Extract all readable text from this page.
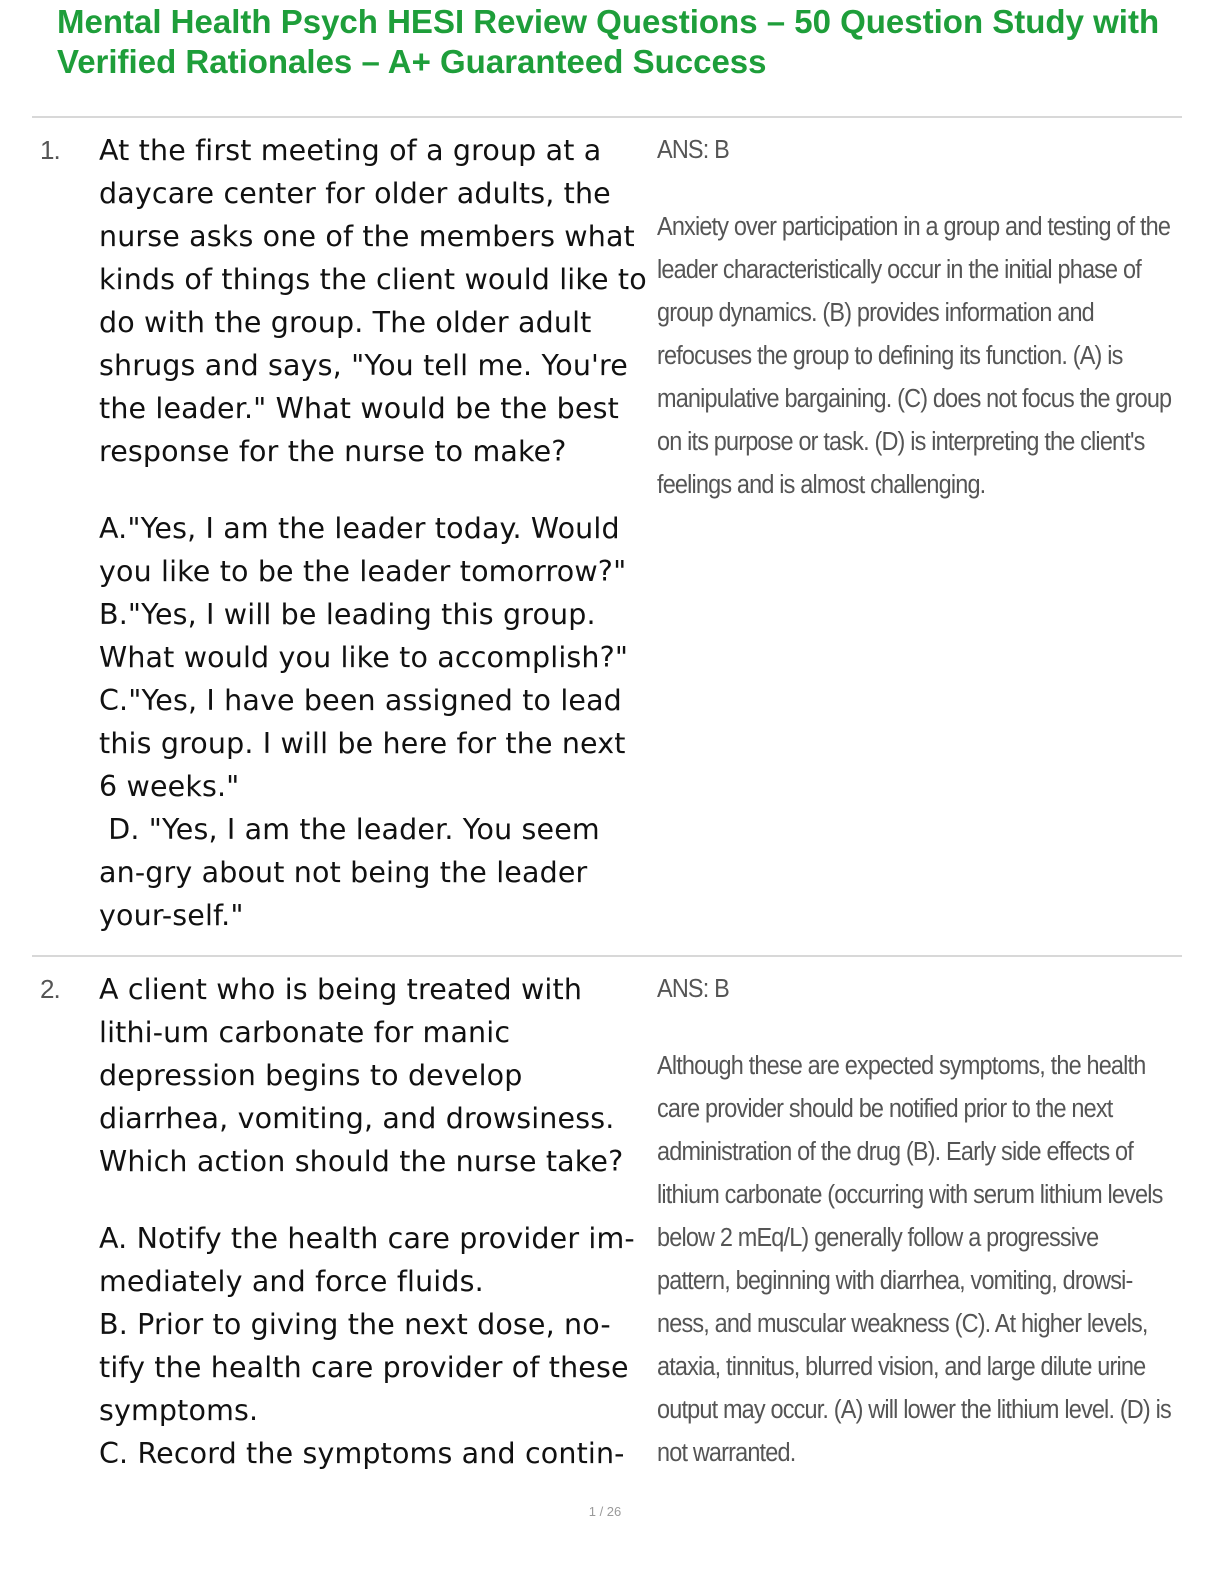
Mental Health Psych HESI Review Questions – 50 Question Study with Verified Rationales – A+ Guaranteed Success
1. At the first meeting of a group at a daycare center for older adults, the nurse asks one of the members what kinds of things the client would like to do with the group. The older adult shrugs and says, "You tell me. You're the leader." What would be the best response for the nurse to make?
A."Yes, I am the leader today. Would you like to be the leader tomorrow?"
B."Yes, I will be leading this group. What would you like to accomplish?"
C."Yes, I have been assigned to lead this group. I will be here for the next 6 weeks."
D. "Yes, I am the leader. You seem an-gry about not being the leader your-self."
ANS: B
Anxiety over participation in a group and testing of the leader characteristically occur in the initial phase of group dynamics. (B) provides information and refocuses the group to defining its function. (A) is manipulative bargaining. (C) does not focus the group on its purpose or task. (D) is interpreting the client's feelings and is almost challenging.
2. A client who is being treated with lithi-um carbonate for manic depression begins to develop diarrhea, vomiting, and drowsiness. Which action should the nurse take?
A. Notify the health care provider im-mediately and force fluids.
B. Prior to giving the next dose, no-tify the health care provider of these symptoms.
C. Record the symptoms and contin-
ANS: B
Although these are expected symptoms, the health care provider should be notified prior to the next administration of the drug (B). Early side effects of lithium carbonate (occurring with serum lithium levels below 2 mEq/L) generally follow a progressive pattern, beginning with diarrhea, vomiting, drowsi-ness, and muscular weakness (C). At higher levels, ataxia, tinnitus, blurred vision, and large dilute urine output may occur. (A) will lower the lithium level. (D) is not warranted.
1 / 26
